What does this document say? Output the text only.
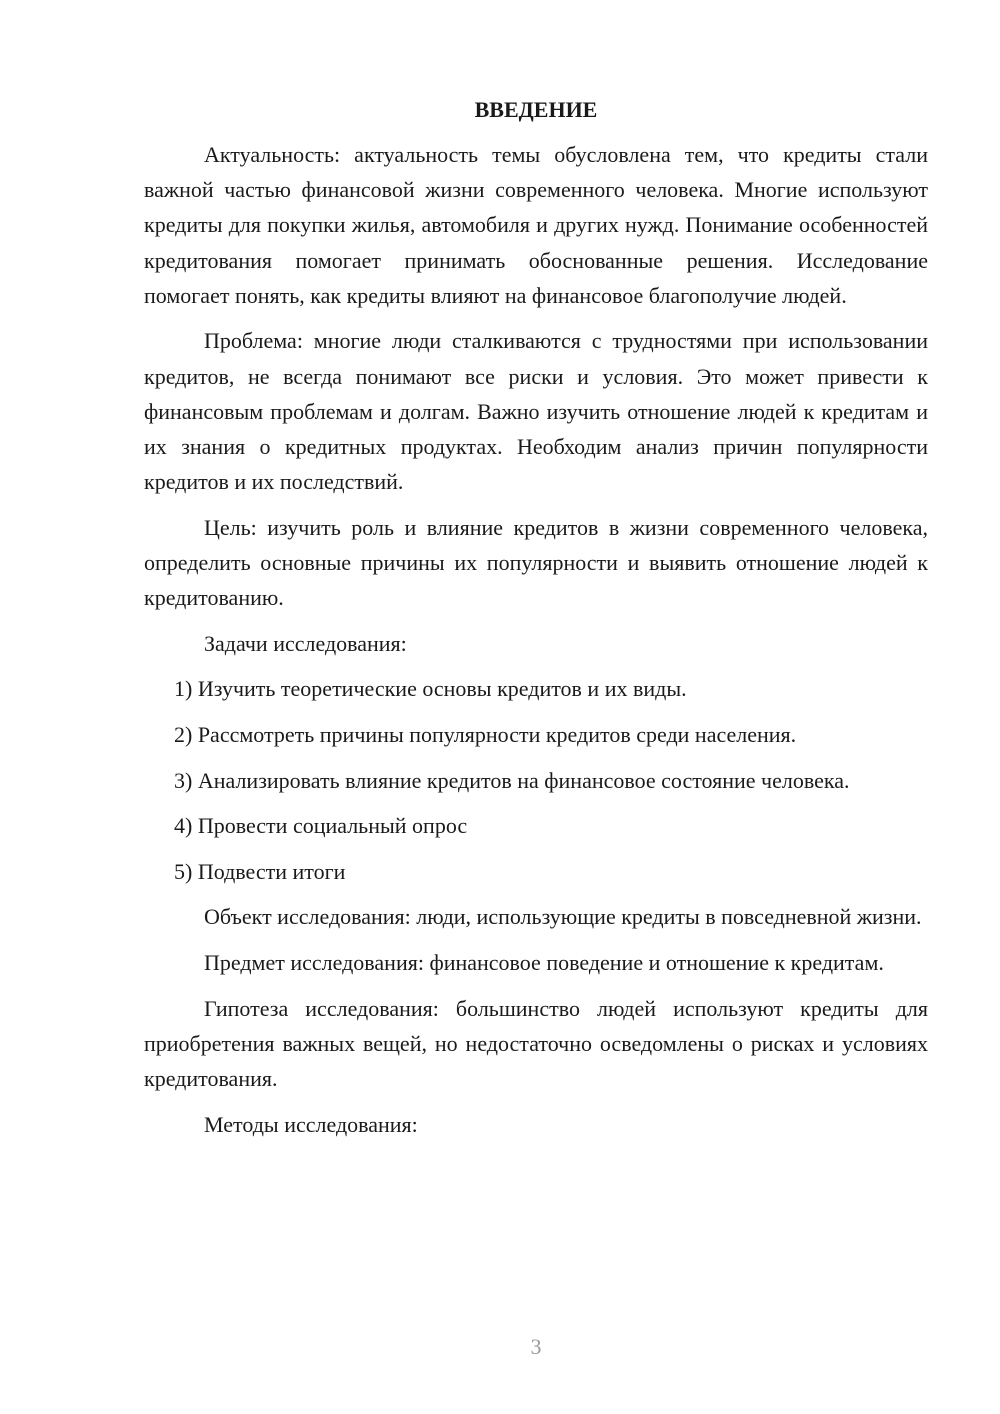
ВВЕДЕНИЕ

Актуальность: актуальность темы обусловлена тем, что кредиты стали важной частью финансовой жизни современного человека. Многие используют кредиты для покупки жилья, автомобиля и других нужд. Понимание особенностей кредитования помогает принимать обоснованные решения. Исследование помогает понять, как кредиты влияют на финансовое благополучие людей.

Проблема: многие люди сталкиваются с трудностями при использовании кредитов, не всегда понимают все риски и условия. Это может привести к финансовым проблемам и долгам. Важно изучить отношение людей к кредитам и их знания о кредитных продуктах. Необходим анализ причин популярности кредитов и их последствий.

Цель: изучить роль и влияние кредитов в жизни современного человека, определить основные причины их популярности и выявить отношение людей к кредитованию.

Задачи исследования:

1) Изучить теоретические основы кредитов и их виды.

2) Рассмотреть причины популярности кредитов среди населения.

3) Анализировать влияние кредитов на финансовое состояние человека.

4) Провести социальный опрос

5) Подвести итоги

Объект исследования: люди, использующие кредиты в повседневной жизни.

Предмет исследования: финансовое поведение и отношение к кредитам.

Гипотеза исследования: большинство людей используют кредиты для приобретения важных вещей, но недостаточно осведомлены о рисках и условиях кредитования.

Методы исследования:

3
